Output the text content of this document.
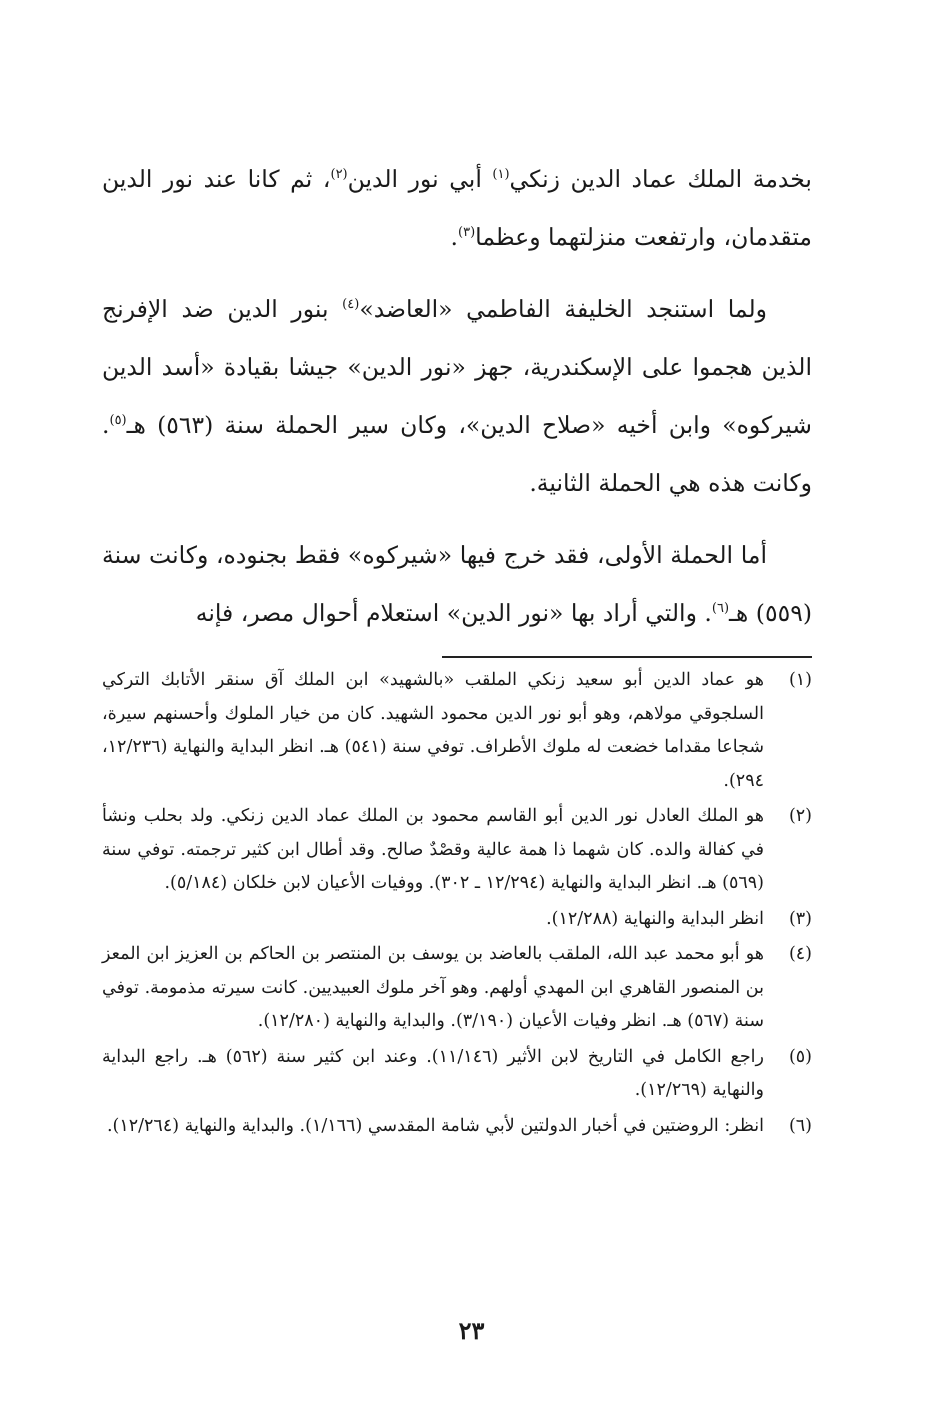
بخدمة الملك عماد الدين زنكي$^{(١)}$ أبي نور الدين$^{(٢)}$، ثم كانا عند نور الدين متقدمان، وارتفعت منزلتهما وعظما$^{(٣)}$.

ولما استنجد الخليفة الفاطمي «العاضد»$^{(٤)}$ بنور الدين ضد الإفرنج الذين هجموا على الإسكندرية، جهز «نور الدين» جيشا بقيادة «أسد الدين شيركوه» وابن أخيه «صلاح الدين»، وكان سير الحملة سنة (٥٦٣) هـ$^{(٥)}$. وكانت هذه هي الحملة الثانية.

أما الحملة الأولى، فقد خرج فيها «شيركوه» فقط بجنوده، وكانت سنة (٥٥٩) هـ$^{(٦)}$. والتي أراد بها «نور الدين» استعلام أحوال مصر، فإنه

(١)
هو عماد الدين أبو سعيد زنكي الملقب «بالشهيد» ابن الملك آق سنقر الأتابك التركي السلجوقي مولاهم، وهو أبو نور الدين محمود الشهيد. كان من خيار الملوك وأحسنهم سيرة، شجاعا مقداما خضعت له ملوك الأطراف. توفي سنة (٥٤١) هـ. انظر البداية والنهاية (١٢/٢٣٦، ٢٩٤).
(٢)
هو الملك العادل نور الدين أبو القاسم محمود بن الملك عماد الدين زنكي. ولد بحلب ونشأ في كفالة والده. كان شهما ذا همة عالية وقصْدٌ صالح. وقد أطال ابن كثير ترجمته. توفي سنة (٥٦٩) هـ. انظر البداية والنهاية (١٢/٢٩٤ ـ ٣٠٢). ووفيات الأعيان لابن خلكان (٥/١٨٤).
(٣)
انظر البداية والنهاية (١٢/٢٨٨).
(٤)
هو أبو محمد عبد الله، الملقب بالعاضد بن يوسف بن المنتصر بن الحاكم بن العزيز ابن المعز بن المنصور القاهري ابن المهدي أولهم. وهو آخر ملوك العبيديين. كانت سيرته مذمومة. توفي سنة (٥٦٧) هـ. انظر وفيات الأعيان (٣/١٩٠). والبداية والنهاية (١٢/٢٨٠).
(٥)
راجع الكامل في التاريخ لابن الأثير (١١/١٤٦). وعند ابن كثير سنة (٥٦٢) هـ. راجع البداية والنهاية (١٢/٢٦٩).
(٦)
انظر: الروضتين في أخبار الدولتين لأبي شامة المقدسي (١/١٦٦). والبداية والنهاية (١٢/٢٦٤).
٢٣
